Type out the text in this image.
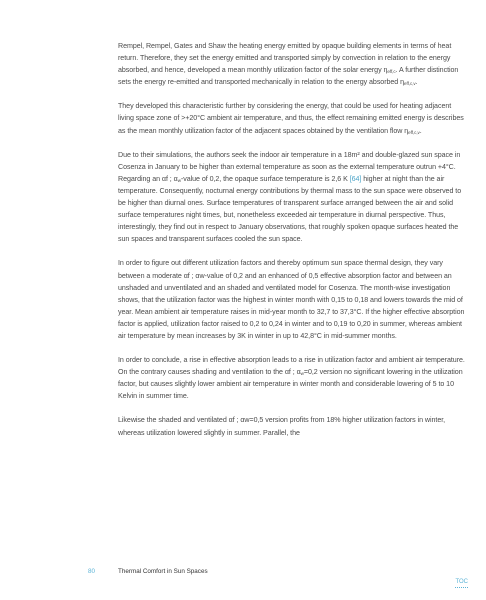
Rempel, Rempel, Gates and Shaw the heating energy emitted by opaque building elements in terms of heat return. Therefore, they set the energy emitted and transported simply by convection in relation to the energy absorbed, and hence, developed a mean monthly utilization factor of the solar energy $\eta_{eff,c}$. A further distinction sets the energy re-emitted and transported mechanically in relation to the energy absorbed $\eta_{eff,c,v}$.

They developed this characteristic further by considering the energy, that could be used for heating adjacent living space zone of >+20°C ambient air temperature, and thus, the effect remaining emitted energy is describes as the mean monthly utilization factor of the adjacent spaces obtained by the ventilation flow $\eta_{eff,c,v}$.

Due to their simulations, the authors seek the indoor air temperature in a 18m² and double-glazed sun space in Cosenza in January to be higher than external temperature as soon as the external temperature outrun +4°C. Regarding an αf ; $\alpha_w$-value of 0,2, the opaque surface temperature is 2,6 K [64] higher at night than the air temperature. Consequently, nocturnal energy contributions by thermal mass to the sun space were observed to be higher than diurnal ones. Surface temperatures of transparent surface arranged between the air and solid surface temperatures night times, but, nonetheless exceeded air temperature in diurnal perspective. Thus, interestingly, they find out in respect to January observations, that roughly spoken opaque surfaces heated the sun spaces and transparent surfaces cooled the sun space.

In order to figure out different utilization factors and thereby optimum sun space thermal design, they vary between a moderate αf ; αw-value of 0,2 and an enhanced of 0,5 effective absorption factor and between an unshaded and unventilated and an shaded and ventilated model for Cosenza. The month-wise investigation shows, that the utilization factor was the highest in winter month with 0,15 to 0,18 and lowers towards the mid of year. Mean ambient air temperature raises in mid-year month to 32,7 to 37,3°C. If the higher effective absorption factor is applied, utilization factor raised to 0,2 to 0,24 in winter and to 0,19 to 0,20 in summer, whereas ambient air temperature by mean increases by 3K in winter in up to 42,8°C in mid-summer months.

In order to conclude, a rise in effective absorption leads to a rise in utilization factor and ambient air temperature. On the contrary causes shading and ventilation to the αf ; $\alpha_w=0,2$ version no significant lowering in the utilization factor, but causes slightly lower ambient air temperature in winter month and considerable lowering of 5 to 10 Kelvin in summer time.

Likewise the shaded and ventilated αf ; αw=0,5 version profits from 18% higher utilization factors in winter, whereas utilization lowered slightly in summer. Parallel, the

80	Thermal Comfort in Sun Spaces
TOC
